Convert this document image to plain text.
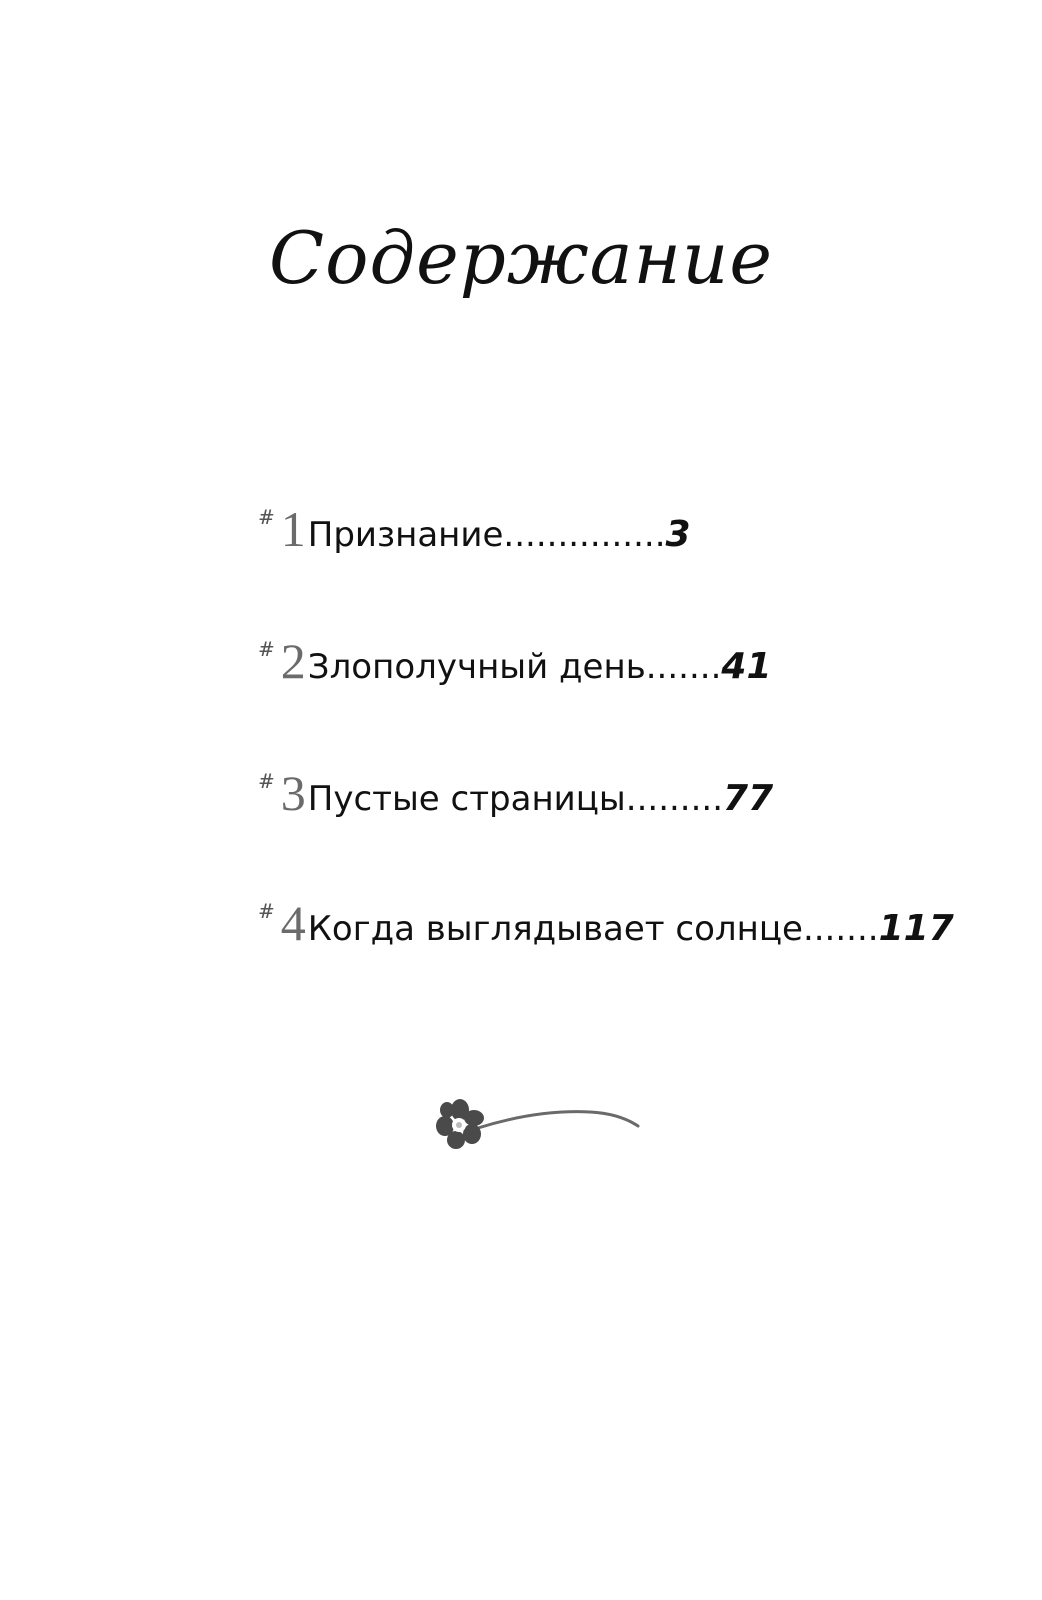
Содержание
# 1 Признание ............... 3
# 2 Злополучный день ....... 41
# 3 Пустые страницы ......... 77
# 4 Когда выглядывает солнце ....... 117
